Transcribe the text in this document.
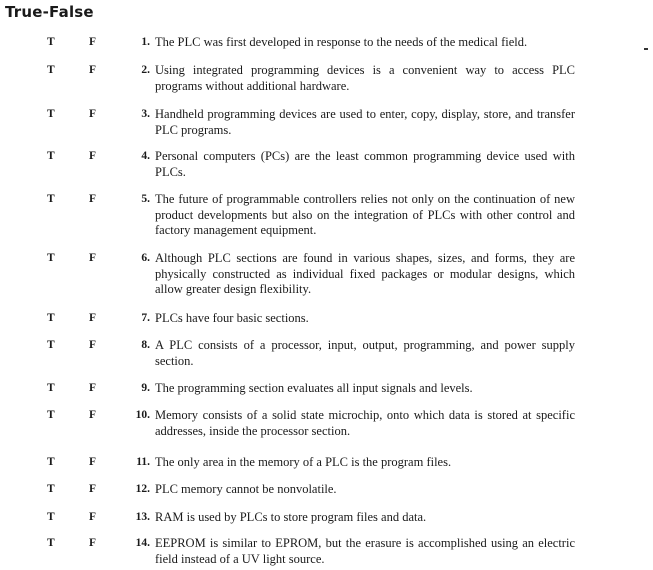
True-False
T	F	1. The PLC was first developed in response to the needs of the medical field.
T	F	2. Using integrated programming devices is a convenient way to access PLC programs without additional hardware.
T	F	3. Handheld programming devices are used to enter, copy, display, store, and transfer PLC programs.
T	F	4. Personal computers (PCs) are the least common programming device used with PLCs.
T	F	5. The future of programmable controllers relies not only on the continuation of new product developments but also on the integration of PLCs with other control and factory management equipment.
T	F	6. Although PLC sections are found in various shapes, sizes, and forms, they are physically constructed as individual fixed packages or modular designs, which allow greater design flexibility.
T	F	7. PLCs have four basic sections.
T	F	8. A PLC consists of a processor, input, output, programming, and power supply section.
T	F	9. The programming section evaluates all input signals and levels.
T	F	10. Memory consists of a solid state microchip, onto which data is stored at specific addresses, inside the processor section.
T	F	11. The only area in the memory of a PLC is the program files.
T	F	12. PLC memory cannot be nonvolatile.
T	F	13. RAM is used by PLCs to store program files and data.
T	F	14. EEPROM is similar to EPROM, but the erasure is accomplished using an electric field instead of a UV light source.
